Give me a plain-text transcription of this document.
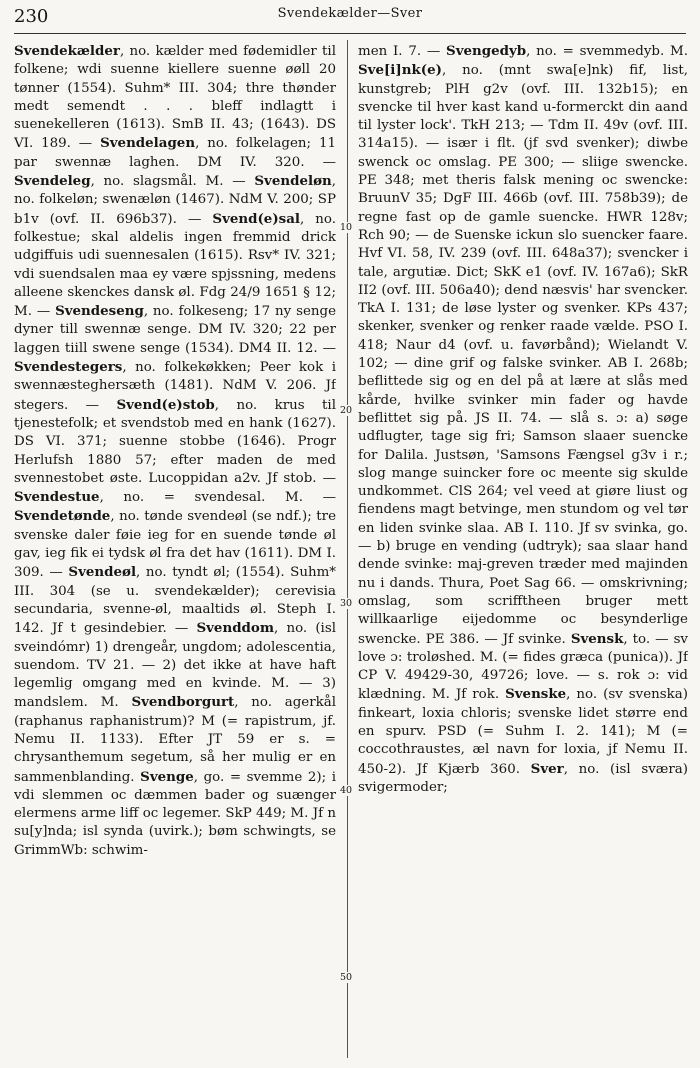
230	Svendekælder—Sver

Svendekælder, no. kælder med fødemidler til folkene; wdi suenne kiellere suenne øøll 20 tønner (1554). Suhm* III. 304; thre thønder medt semendt . . . bleff indlagtt i suenekelleren (1613). SmB II. 43; (1643). DS VI. 189. — Svendelagen, no. folkelagen; 11 par swennæ laghen. DM IV. 320. — Svendeleg, no. slagsmål. M. — Svendeløn, no. folkeløn; swenæløn (1467). NdM V. 200; SP b1v (ovf. II. 696b37). — Svend(e)sal, no. folkestue; skal aldelis ingen fremmid drick udgiffuis udi suennesalen (1615). Rsv* IV. 321; vdi suendsalen maa ey være spjssning, medens alleene skenckes dansk øl. Fdg 24/9 1651 § 12; M. — Svendeseng, no. folkeseng; 17 ny senge dyner till swennæ senge. DM IV. 320; 22 per laggen tiill swene senge (1534). DM4 II. 12. — Svendestegers, no. folkekøkken; Peer kok i swennæsteghersæth (1481). NdM V. 206. Jf stegers. — Svend(e)stob, no. krus til tjenestefolk; et svendstob med en hank (1627). DS VI. 371; suenne stobbe (1646). Progr Herlufsh 1880 57; efter maden de med svennestobet øste. Lucoppidan a2v. Jf stob. — Svendestue, no. = svendesal. M. — Svendetønde, no. tønde svendeøl (se ndf.); tre svenske daler føie ieg for en suende tønde øl gav, ieg fik ei tydsk øl fra det hav (1611). DM I. 309. — Svendeøl, no. tyndt øl; (1554). Suhm* III. 304 (se u. svendekælder); cerevisia secundaria, svenne-øl, maaltids øl. Steph I. 142. Jf t gesindebier. — Svenddom, no. (isl sveindómr) 1) drengeår, ungdom; adolescentia, suendom. TV 21. — 2) det ikke at have haft legemlig omgang med en kvinde. M. — 3) mandslem. M. Svendborgurt, no. agerkål (raphanus raphanistrum)? M (= rapistrum, jf. Nemu II. 1133). Efter JT 59 er s. = chrysanthemum segetum, så her mulig er en sammenblanding. Svenge, go. = svemme 2); i vdi slemmen oc dæmmen bader og suænger elermens arme liff oc legemer. SkP 449; M. Jf n su[y]nda; isl synda (uvirk.); bøm schwingts, se GrimmWb: schwim-

10
20
30
40
50

men I. 7. — Svengedyb, no. = svemmedyb. M. Sve[i]nk(e), no. (mnt swa[e]nk) fif, list, kunstgreb; PlH g2v (ovf. III. 132b15); en svencke til hver kast kand u-formerckt din aand til lyster lock'. TkH 213; — Tdm II. 49v (ovf. III. 314a15). — især i flt. (jf svd svenker); diwbe swenck oc omslag. PE 300; — sliige swencke. PE 348; met theris falsk mening oc swencke: BruunV 35; DgF III. 466b (ovf. III. 758b39); de regne fast op de gamle suencke. HWR 128v; Rch 90; — de Suenske ickun slo suencker faare. Hvf VI. 58, IV. 239 (ovf. III. 648a37); svencker i tale, argutiæ. Dict; SkK e1 (ovf. IV. 167a6); SkR II2 (ovf. III. 506a40); dend næsvis' har svencker. TkA I. 131; de løse lyster og svenker. KPs 437; skenker, svenker og renker raade vælde. PSO I. 418; Naur d4 (ovf. u. favørbånd); Wielandt V. 102; — dine grif og falske svinker. AB I. 268b; beflittede sig og en del på at lære at slås med kårde, hvilke svinker min fader og havde beflittet sig på. JS II. 74. — slå s. ɔ: a) søge udflugter, tage sig fri; Samson slaaer suencke for Dalila. Justsøn, 'Samsons Fængsel g3v i r.; slog mange suincker fore oc meente sig skulde undkommet. ClS 264; vel veed at giøre liust og fiendens magt betvinge, men stundom og vel tør en liden svinke slaa. AB I. 110. Jf sv svinka, go. — b) bruge en vending (udtryk); saa slaar hand dende svinke: maj-greven træder med majinden nu i dands. Thura, Poet Sag 66. — omskrivning; omslag, som scrifftheen bruger mett willkaarlige eijedomme oc besynderlige swencke. PE 386. — Jf svinke. Svensk, to. — sv love ɔ: troløshed. M. (= fides græca (punica)). Jf CP V. 49429-30, 49726; love. — s. rok ɔ: vid klædning. M. Jf rok. Svenske, no. (sv svenska) finkeart, loxia chloris; svenske lidet større end en spurv. PSD (= Suhm I. 2. 141); M (= coccothraustes, æl navn for loxia, jf Nemu II. 450-2). Jf Kjærb 360. Sver, no. (isl sværa) svigermoder;
